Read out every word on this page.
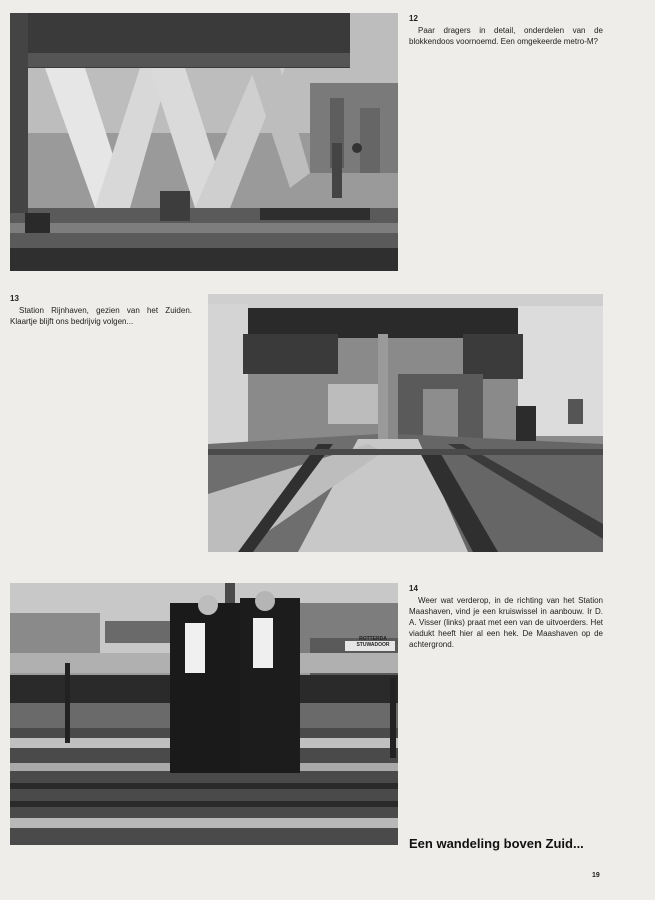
12
Paar dragers in detail, onderdelen van de blokkendoos voornoemd. Een omgekeerde metro-M?
13
Station Rijnhaven, gezien van het Zuiden. Klaartje blijft ons bedrijvig volgen...
ROTTERDA STUWADOOR
14
Weer wat verderop, in de richting van het Station Maashaven, vind je een kruiswissel in aanbouw. Ir D. A. Visser (links) praat met een van de uitvoerders. Het viadukt heeft hier al een hek. De Maashaven op de achtergrond.
Een wandeling boven Zuid...
19
